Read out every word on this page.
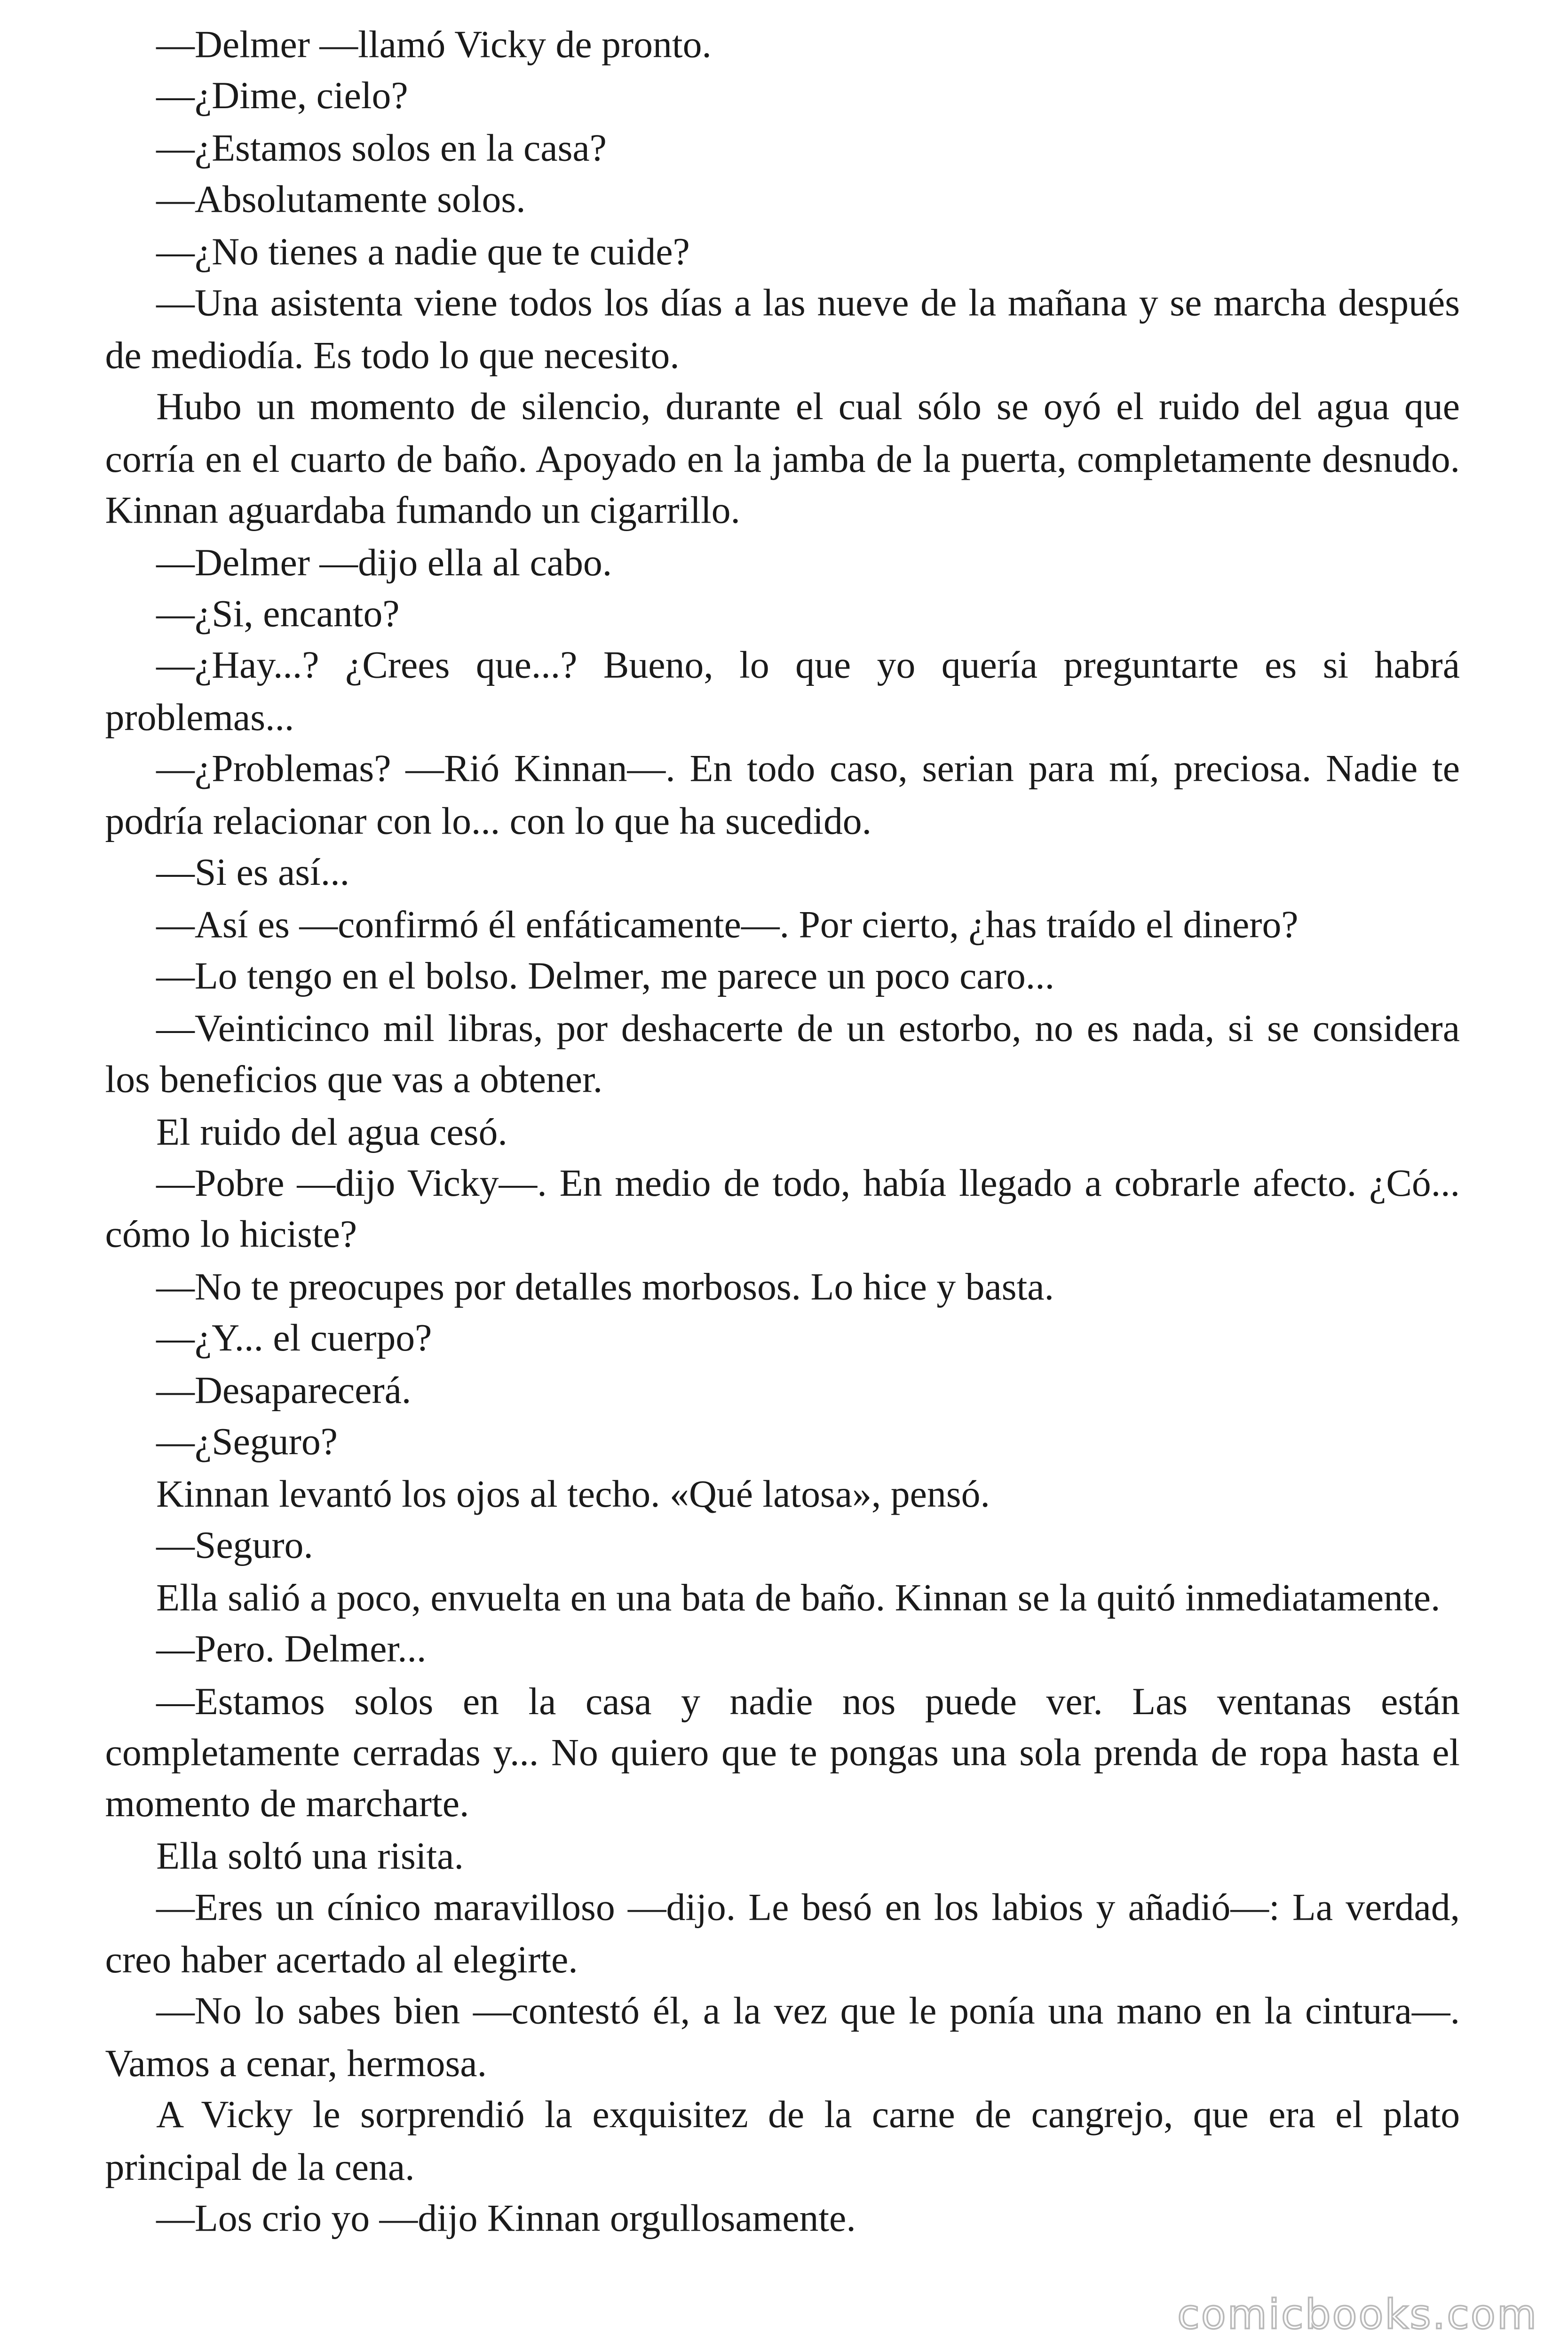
—Delmer —llamó Vicky de pronto.

—¿Dime, cielo?

—¿Estamos solos en la casa?

—Absolutamente solos.

—¿No tienes a nadie que te cuide?

—Una asistenta viene todos los días a las nueve de la mañana y se marcha después de mediodía. Es todo lo que necesito.

Hubo un momento de silencio, durante el cual sólo se oyó el ruido del agua que corría en el cuarto de baño. Apoyado en la jamba de la puerta, completamente desnudo. Kinnan aguardaba fumando un cigarrillo.

—Delmer —dijo ella al cabo.

—¿Si, encanto?

—¿Hay...? ¿Crees que...? Bueno, lo que yo quería preguntarte es si habrá problemas...

—¿Problemas? —Rió Kinnan—. En todo caso, serian para mí, preciosa. Nadie te podría relacionar con lo... con lo que ha sucedido.

—Si es así...

—Así es —confirmó él enfáticamente—. Por cierto, ¿has traído el dinero?

—Lo tengo en el bolso. Delmer, me parece un poco caro...

—Veinticinco mil libras, por deshacerte de un estorbo, no es nada, si se considera los beneficios que vas a obtener.

El ruido del agua cesó.

—Pobre —dijo Vicky—. En medio de todo, había llegado a cobrarle afecto. ¿Có... cómo lo hiciste?

—No te preocupes por detalles morbosos. Lo hice y basta.

—¿Y... el cuerpo?

—Desaparecerá.

—¿Seguro?

Kinnan levantó los ojos al techo. «Qué latosa», pensó.

—Seguro.

Ella salió a poco, envuelta en una bata de baño. Kinnan se la quitó inmediatamente.

—Pero. Delmer...

—Estamos solos en la casa y nadie nos puede ver. Las ventanas están completamente cerradas y... No quiero que te pongas una sola prenda de ropa hasta el momento de marcharte.

Ella soltó una risita.

—Eres un cínico maravilloso —dijo. Le besó en los labios y añadió—: La verdad, creo haber acertado al elegirte.

—No lo sabes bien —contestó él, a la vez que le ponía una mano en la cintura—. Vamos a cenar, hermosa.

A Vicky le sorprendió la exquisitez de la carne de cangrejo, que era el plato principal de la cena.

—Los crio yo —dijo Kinnan orgullosamente.

comicbooks.com
